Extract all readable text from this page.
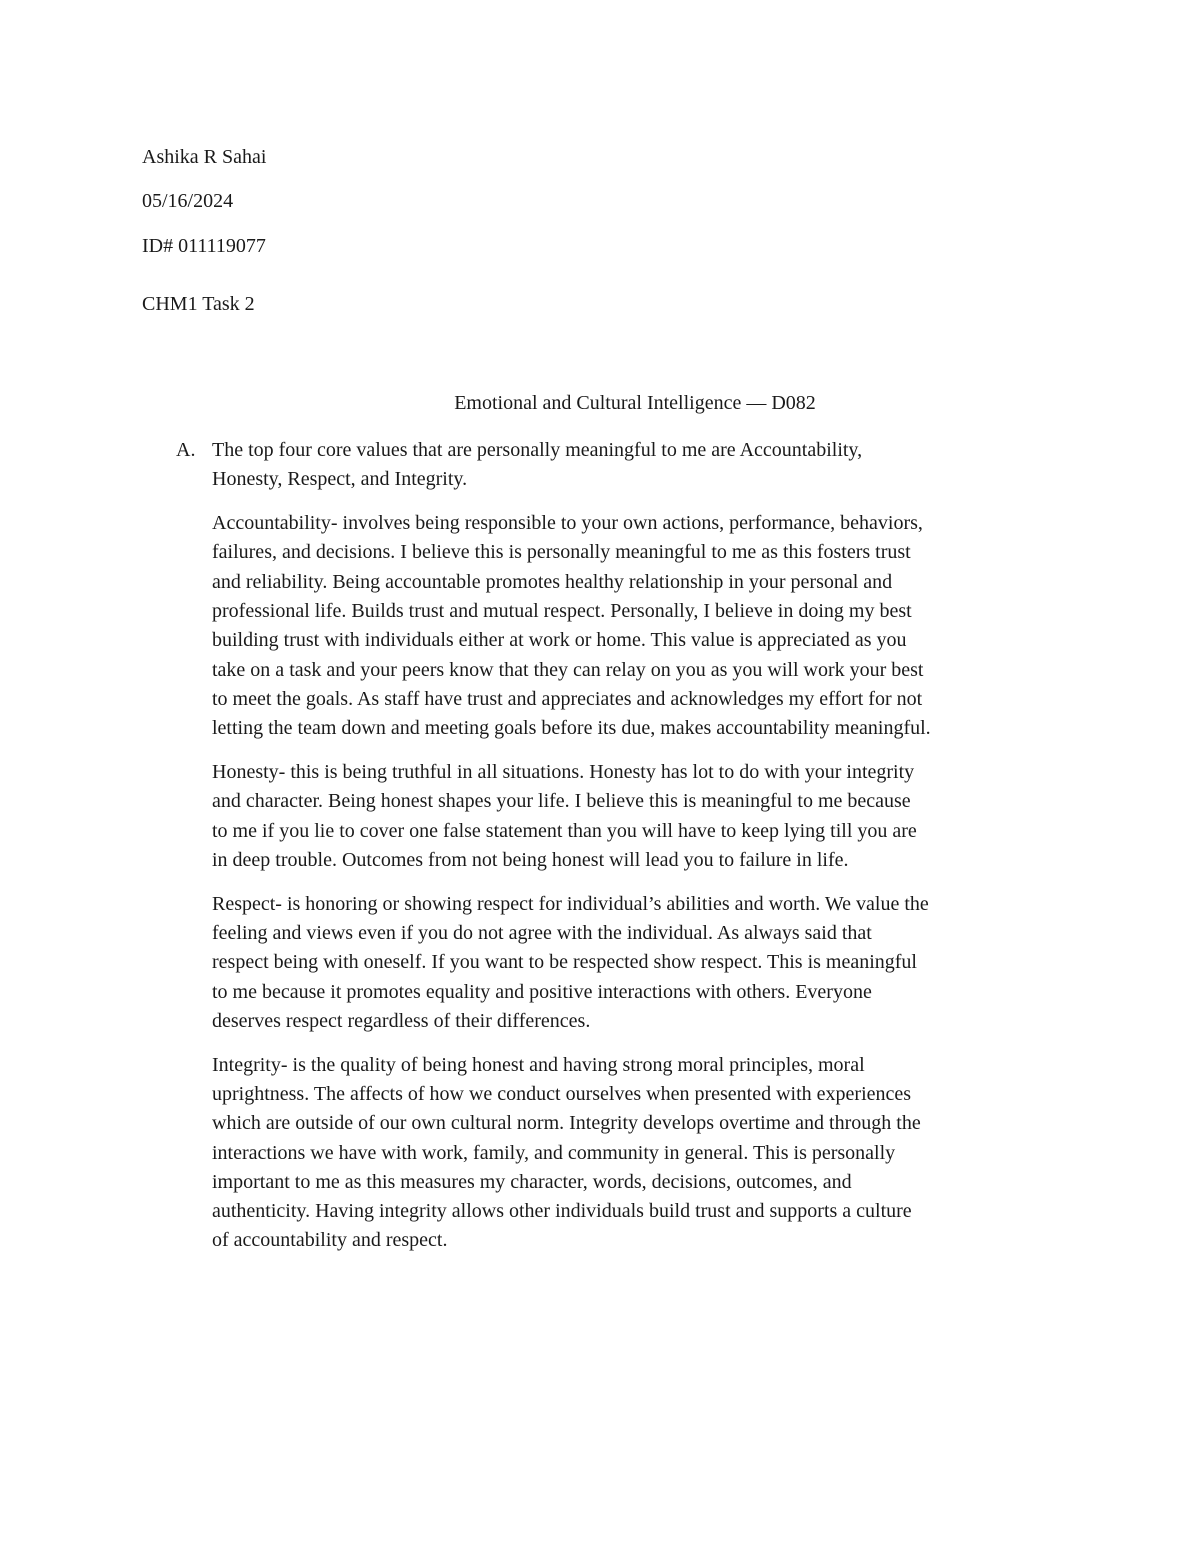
Ashika R Sahai
05/16/2024
ID# 011119077
CHM1 Task 2
Emotional and Cultural Intelligence — D082
A. The top four core values that are personally meaningful to me are Accountability,
Honesty, Respect, and Integrity.

Accountability- involves being responsible to your own actions, performance, behaviors,
failures, and decisions. I believe this is personally meaningful to me as this fosters trust
and reliability. Being accountable promotes healthy relationship in your personal and
professional life. Builds trust and mutual respect. Personally, I believe in doing my best
building trust with individuals either at work or home. This value is appreciated as you
take on a task and your peers know that they can relay on you as you will work your best
to meet the goals. As staff have trust and appreciates and acknowledges my effort for not
letting the team down and meeting goals before its due, makes accountability meaningful.

Honesty- this is being truthful in all situations. Honesty has lot to do with your integrity
and character. Being honest shapes your life. I believe this is meaningful to me because
to me if you lie to cover one false statement than you will have to keep lying till you are
in deep trouble. Outcomes from not being honest will lead you to failure in life.

Respect- is honoring or showing respect for individual’s abilities and worth. We value the
feeling and views even if you do not agree with the individual. As always said that
respect being with oneself. If you want to be respected show respect. This is meaningful
to me because it promotes equality and positive interactions with others. Everyone
deserves respect regardless of their differences.

Integrity- is the quality of being honest and having strong moral principles, moral
uprightness. The affects of how we conduct ourselves when presented with experiences
which are outside of our own cultural norm. Integrity develops overtime and through the
interactions we have with work, family, and community in general. This is personally
important to me as this measures my character, words, decisions, outcomes, and
authenticity. Having integrity allows other individuals build trust and supports a culture
of accountability and respect.
